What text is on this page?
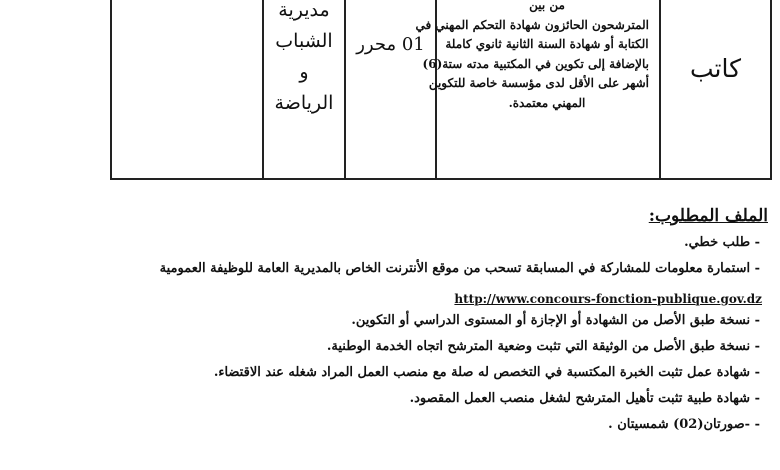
كاتب
من بين
المترشحون الحائزون شهادة التحكم المهني في
الكتابة أو شهادة السنة الثانية ثانوي كاملة
بالإضافة إلى تكوين في المكتبية مدته ستة(6)
أشهر على الأقل لدى مؤسسة خاصة للتكوين
المهني معتمدة.
01 محرر
مديرية
الشباب
و
الرياضة
الملف المطلوب:
- طلب خطي.
- استمارة معلومات للمشاركة في المسابقة تسحب من موقع الأنترنت الخاص بالمديرية العامة للوظيفة العمومية
- نسخة طبق الأصل من الشهادة أو الإجازة أو المستوى الدراسي أو التكوين.
- نسخة طبق الأصل من الوثيقة التي تثبت وضعية المترشح اتجاه الخدمة الوطنية.
- شهادة عمل تثبت الخبرة المكتسبة في التخصص له صلة مع منصب العمل المراد شغله عند الاقتضاء.
- شهادة طبية تثبت تأهيل المترشح لشغل منصب العمل المقصود.
- -صورتان(02) شمسيتان .
http://www.concours-fonction-publique.gov.dz
